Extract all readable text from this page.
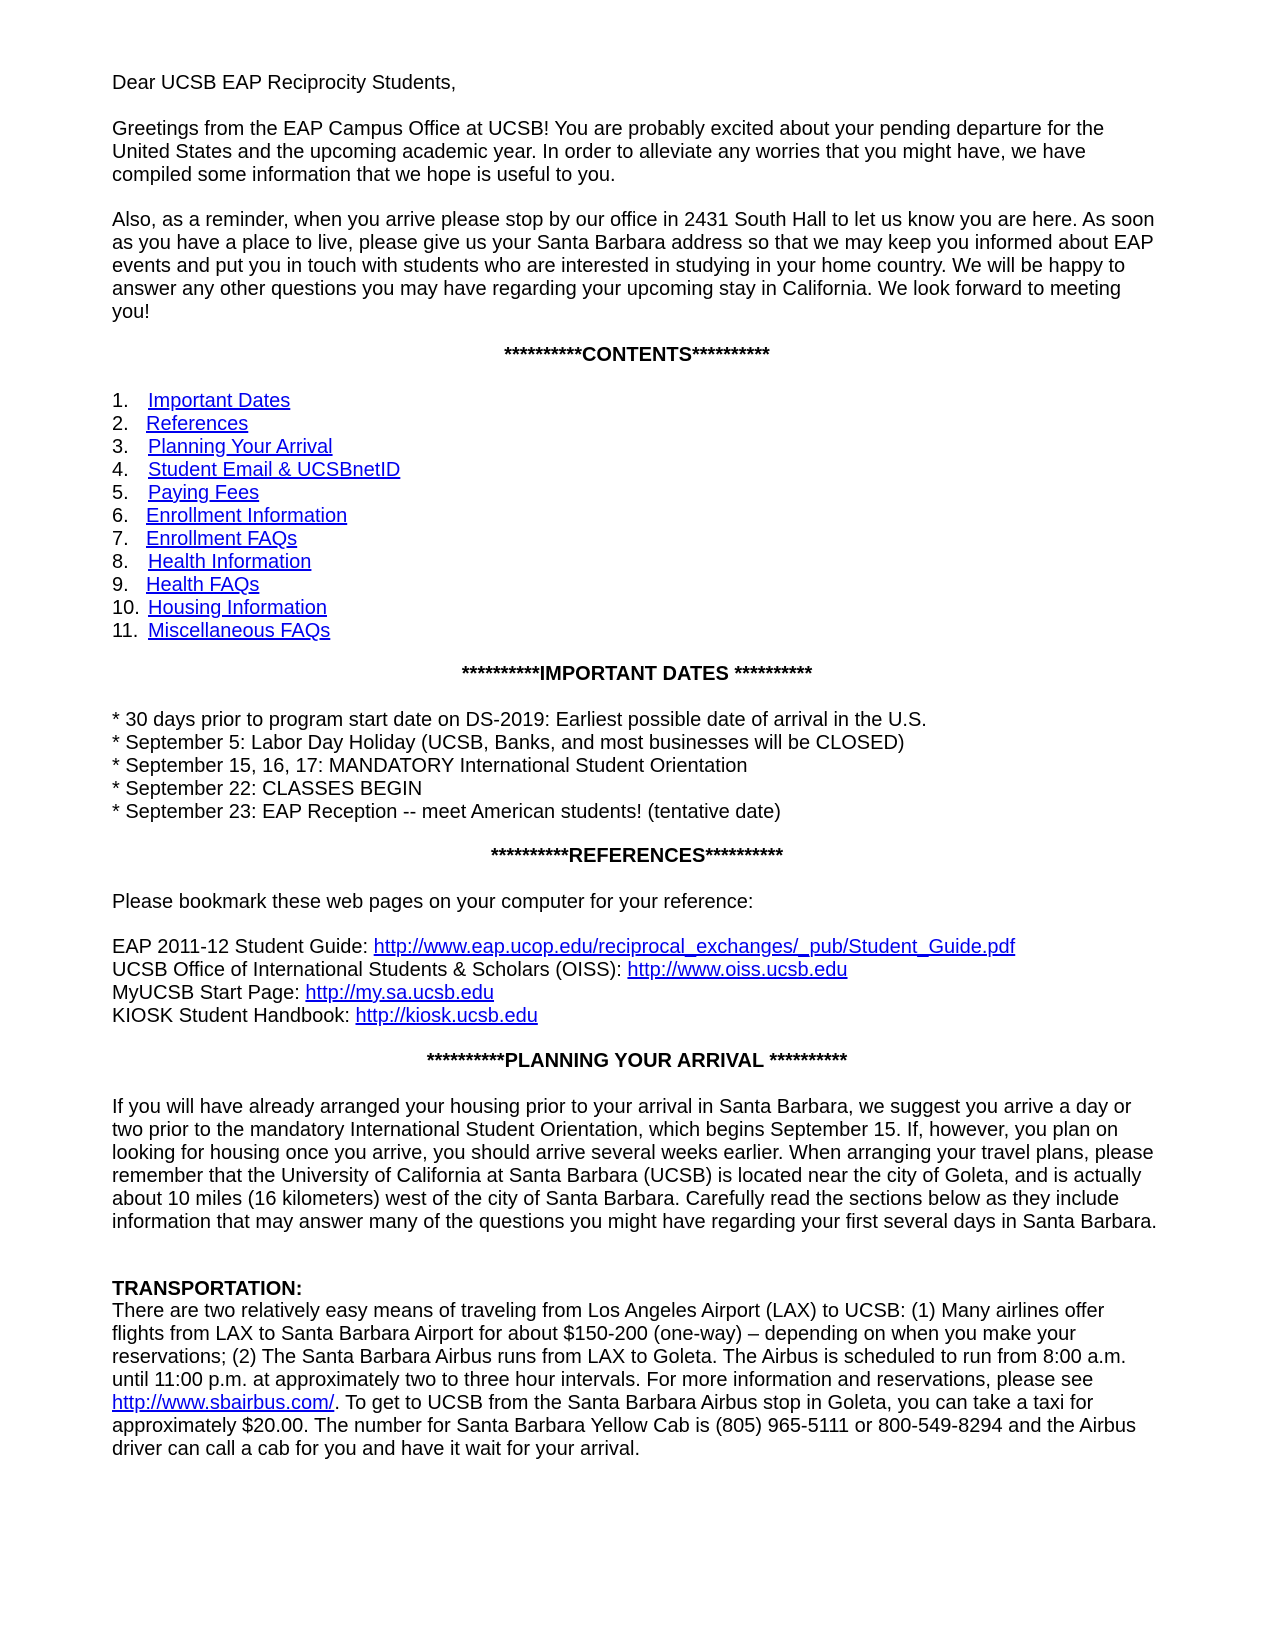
Dear UCSB EAP Reciprocity Students,

Greetings from the EAP Campus Office at UCSB! You are probably excited about your pending departure for the United States and the upcoming academic year. In order to alleviate any worries that you might have, we have compiled some information that we hope is useful to you.

Also, as a reminder, when you arrive please stop by our office in 2431 South Hall to let us know you are here. As soon as you have a place to live, please give us your Santa Barbara address so that we may keep you informed about EAP events and put you in touch with students who are interested in studying in your home country. We will be happy to answer any other questions you may have regarding your upcoming stay in California. We look forward to meeting you!

**********CONTENTS**********

1. Important Dates
2. References
3. Planning Your Arrival
4. Student Email & UCSBnetID
5. Paying Fees
6. Enrollment Information
7. Enrollment FAQs
8. Health Information
9. Health FAQs
10. Housing Information
11. Miscellaneous FAQs

**********IMPORTANT DATES **********

* 30 days prior to program start date on DS-2019: Earliest possible date of arrival in the U.S.
* September 5: Labor Day Holiday (UCSB, Banks, and most businesses will be CLOSED)
* September 15, 16, 17: MANDATORY International Student Orientation
* September 22: CLASSES BEGIN
* September 23: EAP Reception -- meet American students! (tentative date)

**********REFERENCES**********

Please bookmark these web pages on your computer for your reference:

EAP 2011-12 Student Guide: http://www.eap.ucop.edu/reciprocal_exchanges/_pub/Student_Guide.pdf
UCSB Office of International Students & Scholars (OISS): http://www.oiss.ucsb.edu
MyUCSB Start Page: http://my.sa.ucsb.edu
KIOSK Student Handbook: http://kiosk.ucsb.edu

**********PLANNING YOUR ARRIVAL **********

If you will have already arranged your housing prior to your arrival in Santa Barbara, we suggest you arrive a day or two prior to the mandatory International Student Orientation, which begins September 15. If, however, you plan on looking for housing once you arrive, you should arrive several weeks earlier. When arranging your travel plans, please remember that the University of California at Santa Barbara (UCSB) is located near the city of Goleta, and is actually about 10 miles (16 kilometers) west of the city of Santa Barbara. Carefully read the sections below as they include information that may answer many of the questions you might have regarding your first several days in Santa Barbara.

TRANSPORTATION:

There are two relatively easy means of traveling from Los Angeles Airport (LAX) to UCSB: (1) Many airlines offer flights from LAX to Santa Barbara Airport for about $150-200 (one-way) – depending on when you make your reservations; (2) The Santa Barbara Airbus runs from LAX to Goleta. The Airbus is scheduled to run from 8:00 a.m. until 11:00 p.m. at approximately two to three hour intervals. For more information and reservations, please see http://www.sbairbus.com/. To get to UCSB from the Santa Barbara Airbus stop in Goleta, you can take a taxi for approximately $20.00. The number for Santa Barbara Yellow Cab is (805) 965-5111 or 800-549-8294 and the Airbus driver can call a cab for you and have it wait for your arrival.
